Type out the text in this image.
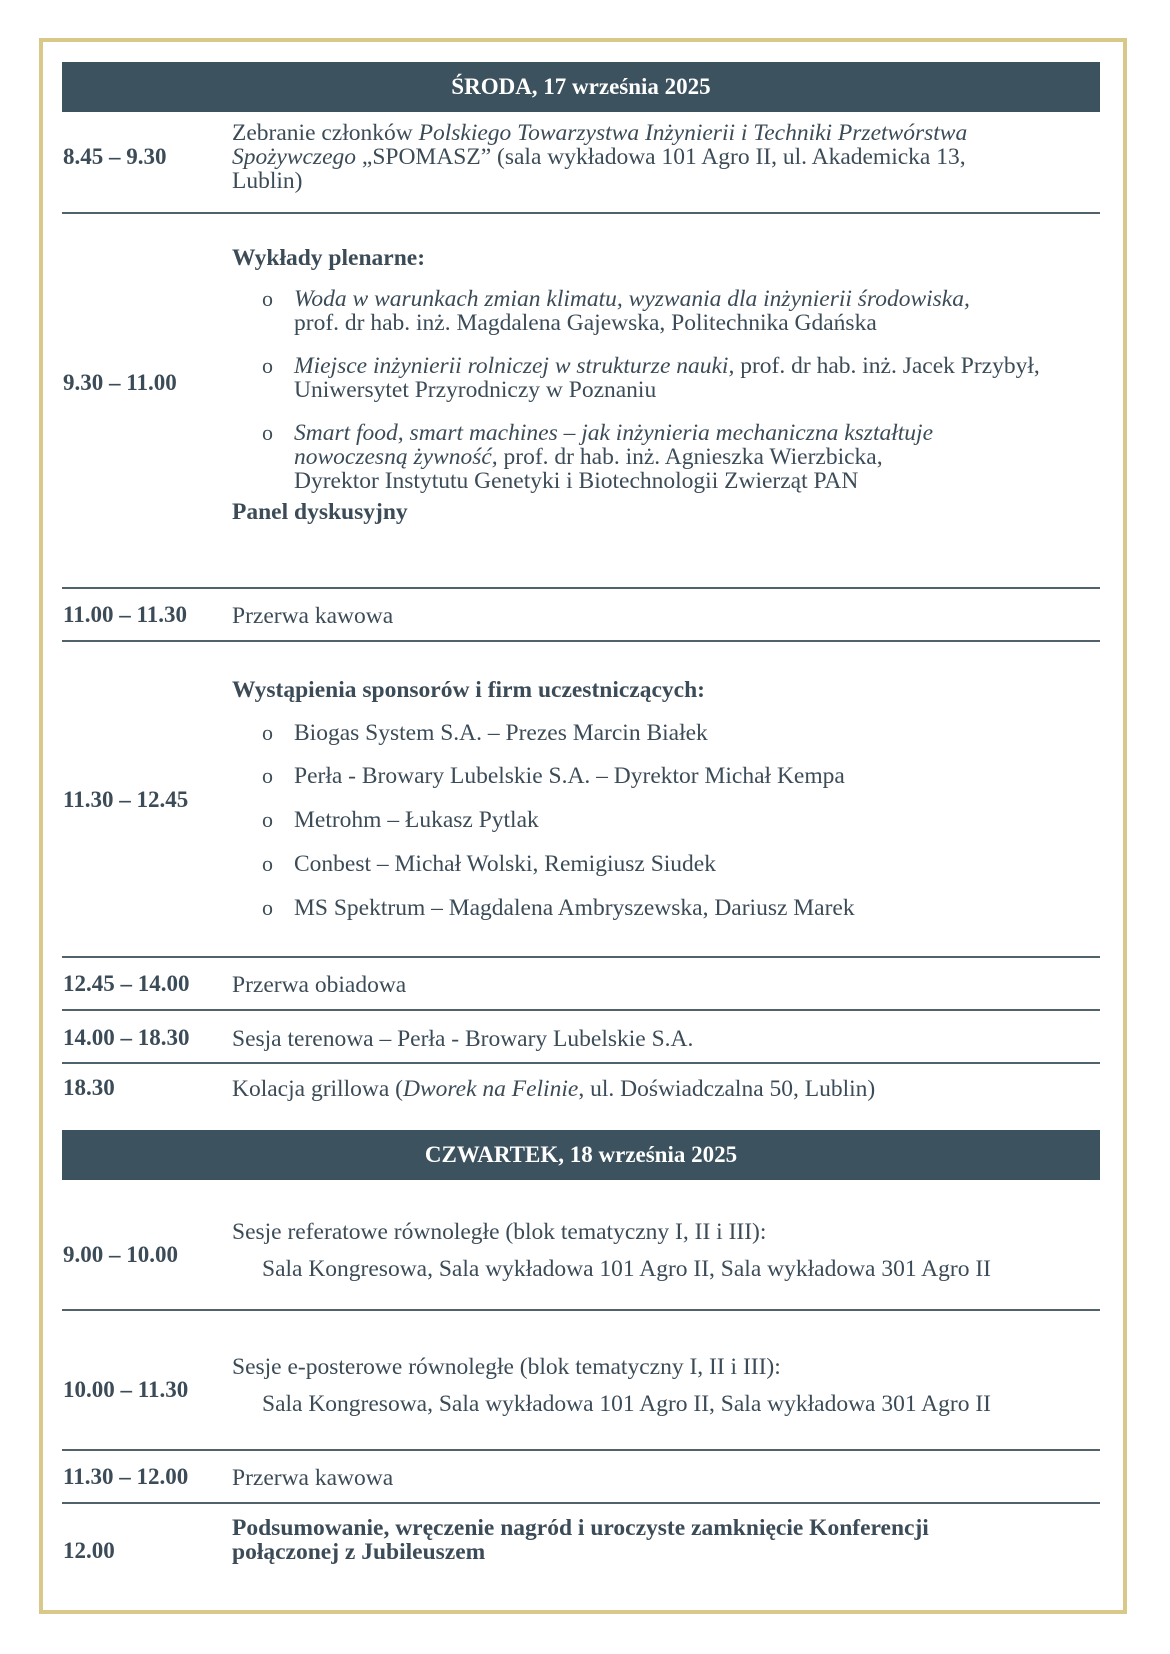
ŚRODA, 17 września 2025
8.45 – 9.30
Zebranie członków Polskiego Towarzystwa Inżynierii i Techniki Przetwórstwa
Spożywczego „SPOMASZ” (sala wykładowa 101 Agro II, ul. Akademicka 13,
Lublin)
9.30 – 11.00
Wykłady plenarne:
o Woda w warunkach zmian klimatu, wyzwania dla inżynierii środowiska,
prof. dr hab. inż. Magdalena Gajewska, Politechnika Gdańska
o Miejsce inżynierii rolniczej w strukturze nauki, prof. dr hab. inż. Jacek Przybył,
Uniwersytet Przyrodniczy w Poznaniu
o Smart food, smart machines – jak inżynieria mechaniczna kształtuje
nowoczesną żywność, prof. dr hab. inż. Agnieszka Wierzbicka,
Dyrektor Instytutu Genetyki i Biotechnologii Zwierząt PAN
Panel dyskusyjny
11.00 – 11.30 Przerwa kawowa
11.30 – 12.45
Wystąpienia sponsorów i firm uczestniczących:
o Biogas System S.A. – Prezes Marcin Białek
o Perła - Browary Lubelskie S.A. – Dyrektor Michał Kempa
o Metrohm – Łukasz Pytlak
o Conbest – Michał Wolski, Remigiusz Siudek
o MS Spektrum – Magdalena Ambryszewska, Dariusz Marek
12.45 – 14.00 Przerwa obiadowa
14.00 – 18.30 Sesja terenowa – Perła - Browary Lubelskie S.A.
18.30	Kolacja grillowa (Dworek na Felinie, ul. Doświadczalna 50, Lublin)
CZWARTEK, 18 września 2025
9.00 – 10.00
Sesje referatowe równoległe (blok tematyczny I, II i III):
Sala Kongresowa, Sala wykładowa 101 Agro II, Sala wykładowa 301 Agro II
10.00 – 11.30
Sesje e-posterowe równoległe (blok tematyczny I, II i III):
Sala Kongresowa, Sala wykładowa 101 Agro II, Sala wykładowa 301 Agro II
11.30 – 12.00 Przerwa kawowa
12.00
Podsumowanie, wręczenie nagród i uroczyste zamknięcie Konferencji
połączonej z Jubileuszem
